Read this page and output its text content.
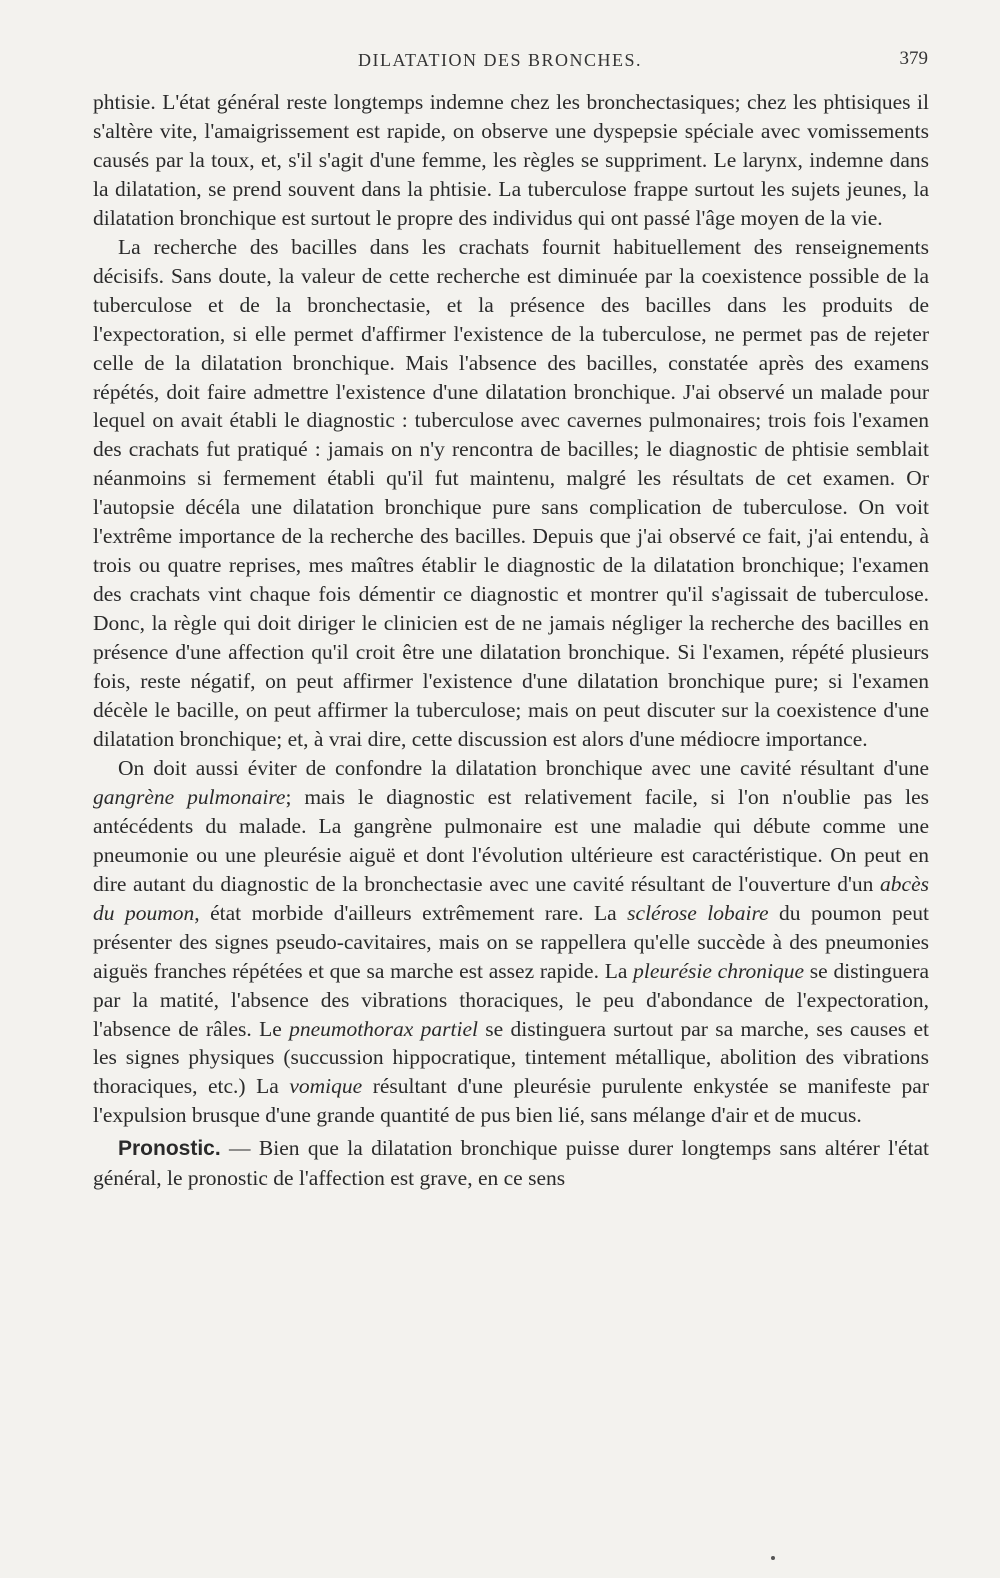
DILATATION DES BRONCHES.	379

phtisie. L'état général reste longtemps indemne chez les bronchectasiques; chez les phtisiques il s'altère vite, l'amaigrissement est rapide, on observe une dyspepsie spéciale avec vomissements causés par la toux, et, s'il s'agit d'une femme, les règles se suppriment. Le larynx, indemne dans la dilatation, se prend souvent dans la phtisie. La tuberculose frappe surtout les sujets jeunes, la dilatation bronchique est surtout le propre des individus qui ont passé l'âge moyen de la vie.

La recherche des bacilles dans les crachats fournit habituellement des renseignements décisifs. Sans doute, la valeur de cette recherche est diminuée par la coexistence possible de la tuberculose et de la bronchectasie, et la présence des bacilles dans les produits de l'expectoration, si elle permet d'affirmer l'existence de la tuberculose, ne permet pas de rejeter celle de la dilatation bronchique. Mais l'absence des bacilles, constatée après des examens répétés, doit faire admettre l'existence d'une dilatation bronchique. J'ai observé un malade pour lequel on avait établi le diagnostic : tuberculose avec cavernes pulmonaires; trois fois l'examen des crachats fut pratiqué : jamais on n'y rencontra de bacilles; le diagnostic de phtisie semblait néanmoins si fermement établi qu'il fut maintenu, malgré les résultats de cet examen. Or l'autopsie décéla une dilatation bronchique pure sans complication de tuberculose. On voit l'extrême importance de la recherche des bacilles. Depuis que j'ai observé ce fait, j'ai entendu, à trois ou quatre reprises, mes maîtres établir le diagnostic de la dilatation bronchique; l'examen des crachats vint chaque fois démentir ce diagnostic et montrer qu'il s'agissait de tuberculose. Donc, la règle qui doit diriger le clinicien est de ne jamais négliger la recherche des bacilles en présence d'une affection qu'il croit être une dilatation bronchique. Si l'examen, répété plusieurs fois, reste négatif, on peut affirmer l'existence d'une dilatation bronchique pure; si l'examen décèle le bacille, on peut affirmer la tuberculose; mais on peut discuter sur la coexistence d'une dilatation bronchique; et, à vrai dire, cette discussion est alors d'une médiocre importance.

On doit aussi éviter de confondre la dilatation bronchique avec une cavité résultant d'une gangrène pulmonaire; mais le diagnostic est relativement facile, si l'on n'oublie pas les antécédents du malade. La gangrène pulmonaire est une maladie qui débute comme une pneumonie ou une pleurésie aiguë et dont l'évolution ultérieure est caractéristique. On peut en dire autant du diagnostic de la bronchectasie avec une cavité résultant de l'ouverture d'un abcès du poumon, état morbide d'ailleurs extrêmement rare. La sclérose lobaire du poumon peut présenter des signes pseudo-cavitaires, mais on se rappellera qu'elle succède à des pneumonies aiguës franches répétées et que sa marche est assez rapide. La pleurésie chronique se distinguera par la matité, l'absence des vibrations thoraciques, le peu d'abondance de l'expectoration, l'absence de râles. Le pneumothorax partiel se distinguera surtout par sa marche, ses causes et les signes physiques (succussion hippocratique, tintement métallique, abolition des vibrations thoraciques, etc.) La vomique résultant d'une pleurésie purulente enkystée se manifeste par l'expulsion brusque d'une grande quantité de pus bien lié, sans mélange d'air et de mucus.

Pronostic. — Bien que la dilatation bronchique puisse durer longtemps sans altérer l'état général, le pronostic de l'affection est grave, en ce sens
